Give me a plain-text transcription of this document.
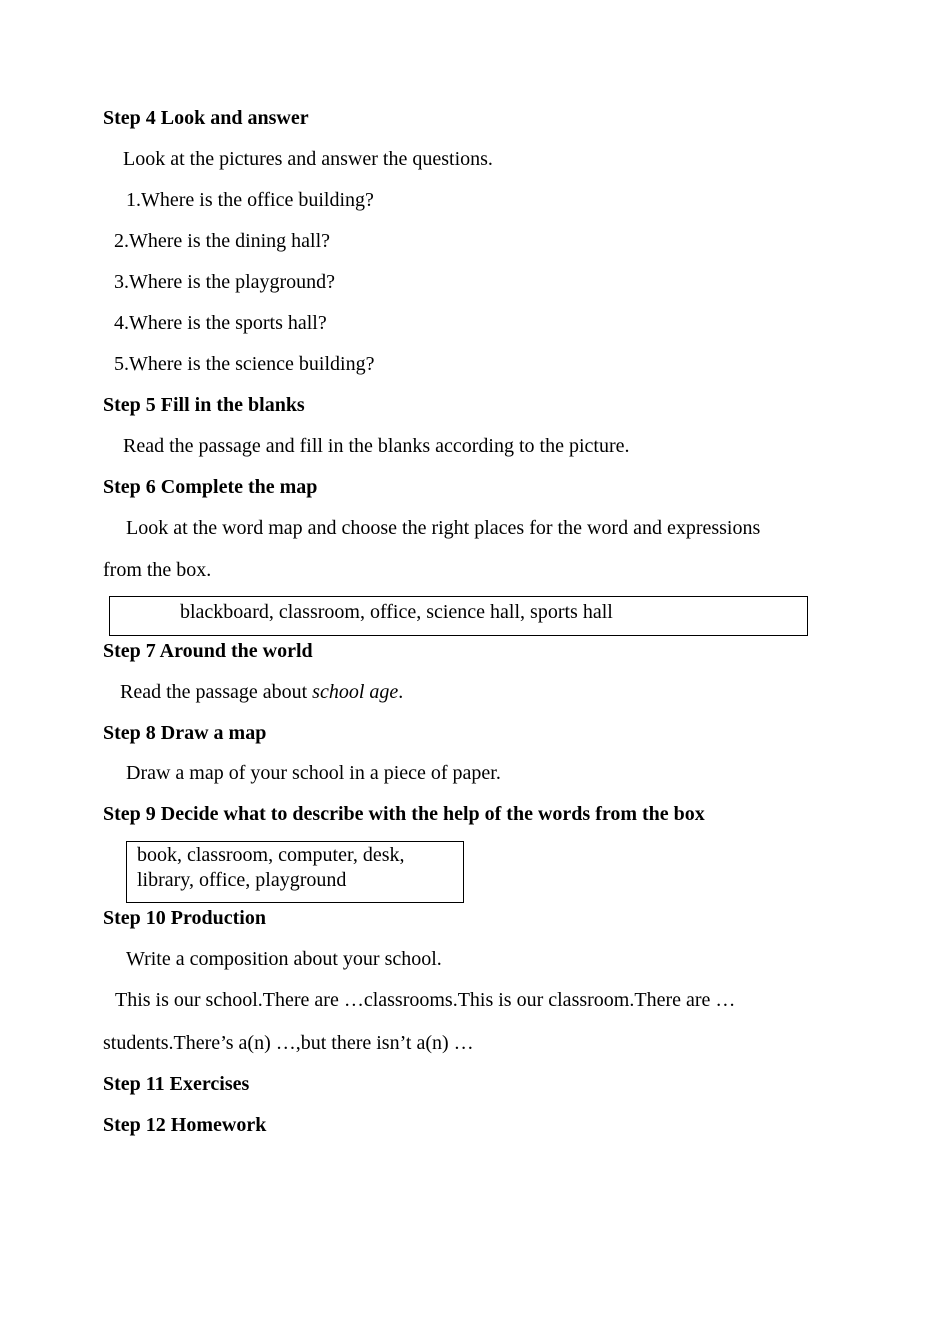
Step 4 Look and answer
Look at the pictures and answer the questions.
1.Where is the office building?
2.Where is the dining hall?
3.Where is the playground?
4.Where is the sports hall?
5.Where is the science building?
Step 5 Fill in the blanks
Read the passage and fill in the blanks according to the picture.
Step 6 Complete the map
Look at the word map and choose the right places for the word and expressions
from the box.
blackboard, classroom, office, science hall, sports hall
Step 7 Around the world
Read the passage about school age.
Step 8 Draw a map
Draw a map of your school in a piece of paper.
Step 9 Decide what to describe with the help of the words from the box
book, classroom, computer, desk,
library, office, playground
Step 10 Production
Write a composition about your school.
This is our school.There are …classrooms.This is our classroom.There are …
students.There’s a(n) …,but there isn’t a(n) …
Step 11 Exercises
Step 12 Homework
